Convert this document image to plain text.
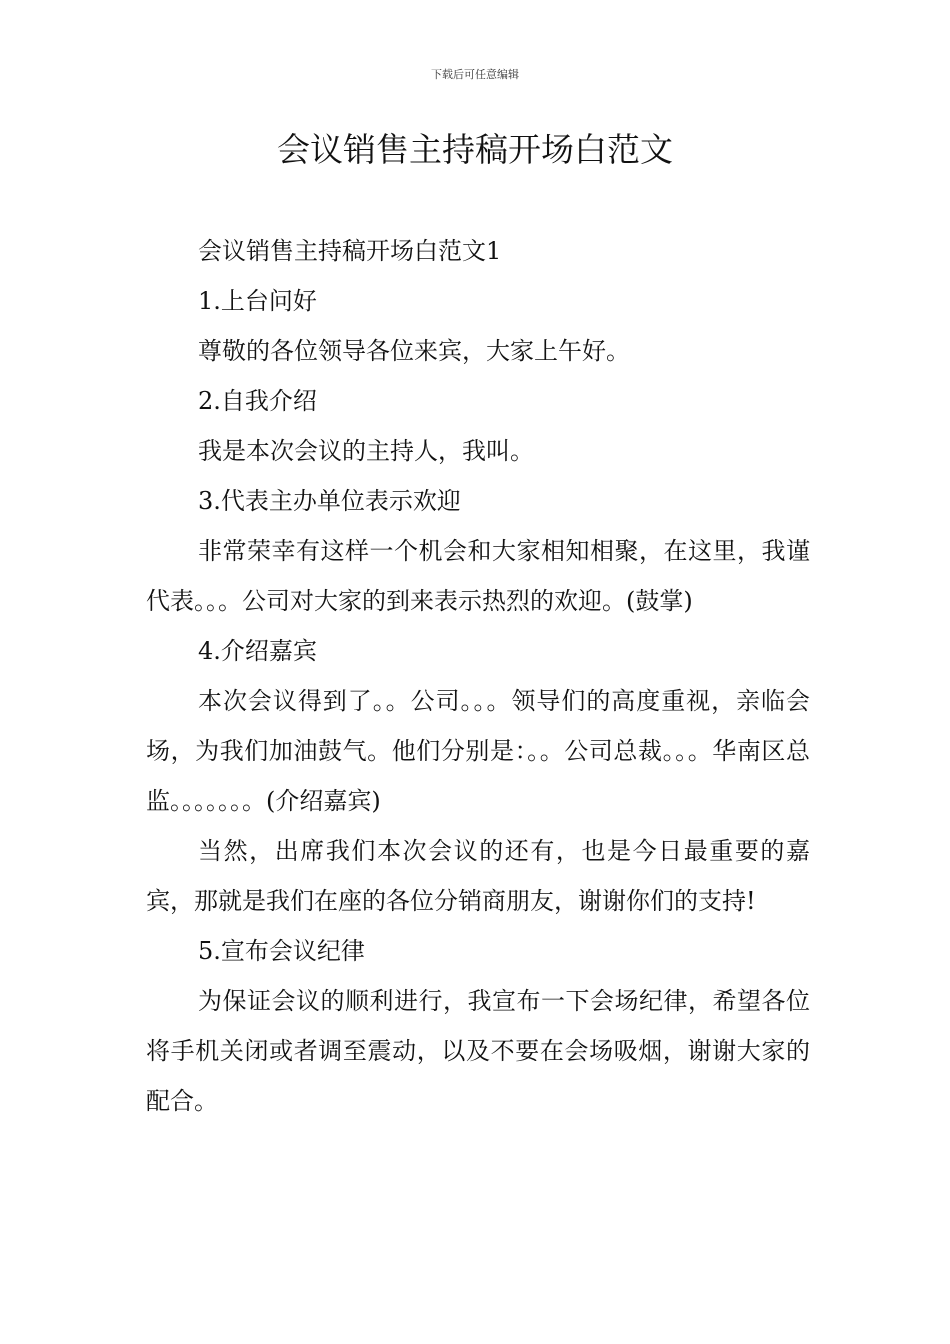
下载后可任意编辑
会议销售主持稿开场白范文

会议销售主持稿开场白范文1

1.上台问好

尊敬的各位领导各位来宾，大家上午好。

2.自我介绍

我是本次会议的主持人，我叫。

3.代表主办单位表示欢迎

非常荣幸有这样一个机会和大家相知相聚，在这里，我谨代表。。。公司对大家的到来表示热烈的欢迎。(鼓掌)

4.介绍嘉宾

本次会议得到了。。公司。。。领导们的高度重视，亲临会场，为我们加油鼓气。他们分别是：。。公司总裁。。。华南区总监。。。。。。。(介绍嘉宾)

当然，出席我们本次会议的还有，也是今日最重要的嘉宾，那就是我们在座的各位分销商朋友，谢谢你们的支持!

5.宣布会议纪律

为保证会议的顺利进行，我宣布一下会场纪律，希望各位将手机关闭或者调至震动，以及不要在会场吸烟，谢谢大家的配合。
